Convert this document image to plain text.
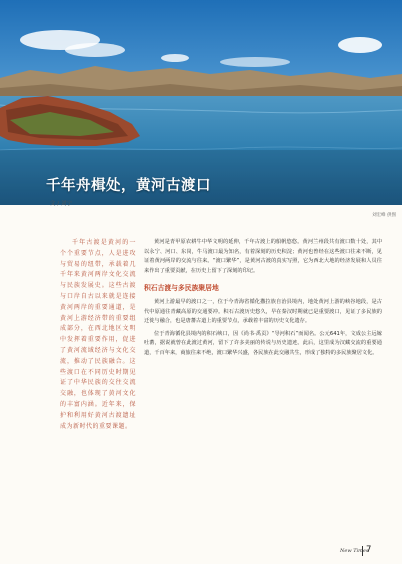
千年舟楫处，黄河古渡口
文 / 刘宁
刘宏峰 供图
千年古渡是黄河的一个个重要节点，人是进攻与贸易的纽带，承载着几千年来黄河两岸文化交流与民族发展史。这些古渡与口岸自古以来就是连接黄河两岸的重要通道，是黄河上游经济带的重要组成部分，在西北地区文明中发挥着重要作用，促进了黄河流域经济与文化交流，推动了民族融合。这些渡口在不同历史时期见证了中华民族的交往交流交融，也体现了黄河文化的丰富内涵。近年来，保护和利用好黄河古渡遗址成为新时代的重要课题。

黄河是青甲原农耕牛中华文明的延伸，千年古渡上的船帆悠悠。黄河兰州段共有渡口数十处，其中以永宁、河口、东岗，牛马渡口最为知名，有着深刻的历史积淀；黄河也曾经在这些渡口往来不断，见证着黄河两岸的交流与往来。“渡口繁华”，是黄河古渡的真实写照，它为西北大地的经济发展和人员往来作出了重要贡献，在历史上留下了深刻的印记。

积石古渡与多民族聚居地

黄河上游最早的渡口之一，位于今青海省循化撒拉族自治县境内，地处黄河上游的峡谷地段，是古代中原通往青藏高原的交通要冲。积石古渡历史悠久，早在秦汉时期就已是重要渡口，见证了多民族的迁徙与融合，也是唐蕃古道上的重要节点，承载着丰富的历史文化遗存。

位于青海循化县境内的积石峡口，因《尚书·禹贡》“导河积石”而闻名。公元641年，文成公主远嫁吐蕃，据说就曾在此渡过黄河，留下了许多美丽的传说与历史遗迹。此后，这里成为汉藏交流的重要通道，千百年来，商旅往来不绝，渡口繁华兴盛，各民族在此交融共生，形成了独特的多民族聚居文化。

New Times
7
